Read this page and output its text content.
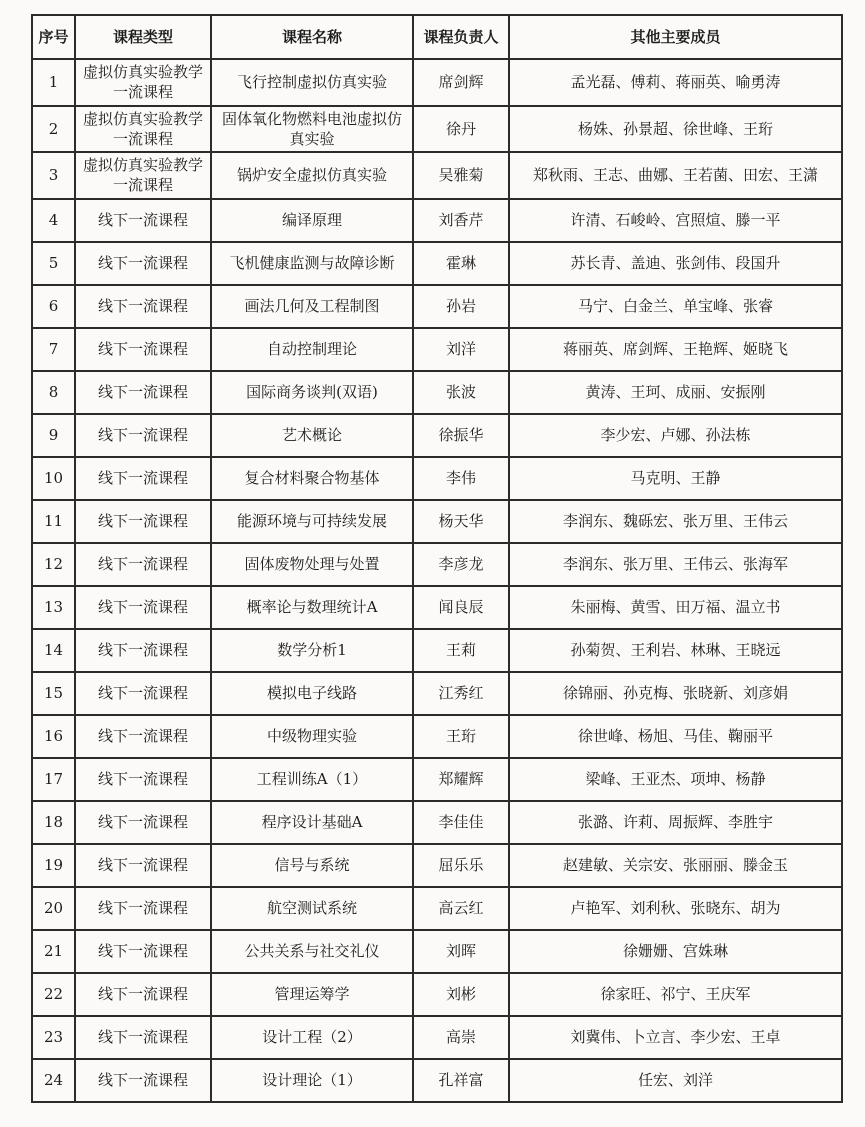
序号	课程类型	课程名称	课程负责人	其他主要成员
1	虚拟仿真实验教学一流课程	飞行控制虚拟仿真实验	席剑辉	孟光磊、傅莉、蒋丽英、喻勇涛
2	虚拟仿真实验教学一流课程	固体氧化物燃料电池虚拟仿真实验	徐丹	杨姝、孙景超、徐世峰、王珩
3	虚拟仿真实验教学一流课程	锅炉安全虚拟仿真实验	吴雅菊	郑秋雨、王志、曲娜、王若菌、田宏、王潇
4	线下一流课程	编译原理	刘香芹	许清、石峻岭、宫照煊、滕一平
5	线下一流课程	飞机健康监测与故障诊断	霍琳	苏长青、盖迪、张剑伟、段国升
6	线下一流课程	画法几何及工程制图	孙岩	马宁、白金兰、单宝峰、张睿
7	线下一流课程	自动控制理论	刘洋	蒋丽英、席剑辉、王艳辉、姬晓飞
8	线下一流课程	国际商务谈判(双语)	张波	黄涛、王珂、成丽、安振刚
9	线下一流课程	艺术概论	徐振华	李少宏、卢娜、孙法栋
10	线下一流课程	复合材料聚合物基体	李伟	马克明、王静
11	线下一流课程	能源环境与可持续发展	杨天华	李润东、魏砾宏、张万里、王伟云
12	线下一流课程	固体废物处理与处置	李彦龙	李润东、张万里、王伟云、张海军
13	线下一流课程	概率论与数理统计A	闻良辰	朱丽梅、黄雪、田万福、温立书
14	线下一流课程	数学分析1	王莉	孙菊贺、王利岩、林琳、王晓远
15	线下一流课程	模拟电子线路	江秀红	徐锦丽、孙克梅、张晓新、刘彦娟
16	线下一流课程	中级物理实验	王珩	徐世峰、杨旭、马佳、鞠丽平
17	线下一流课程	工程训练A（1）	郑耀辉	梁峰、王亚杰、项坤、杨静
18	线下一流课程	程序设计基础A	李佳佳	张潞、许莉、周振辉、李胜宇
19	线下一流课程	信号与系统	屈乐乐	赵建敏、关宗安、张丽丽、滕金玉
20	线下一流课程	航空测试系统	高云红	卢艳军、刘利秋、张晓东、胡为
21	线下一流课程	公共关系与社交礼仪	刘晖	徐姗姗、宫姝琳
22	线下一流课程	管理运筹学	刘彬	徐家旺、祁宁、王庆军
23	线下一流课程	设计工程（2）	高崇	刘冀伟、卜立言、李少宏、王卓
24	线下一流课程	设计理论（1）	孔祥富	任宏、刘洋
